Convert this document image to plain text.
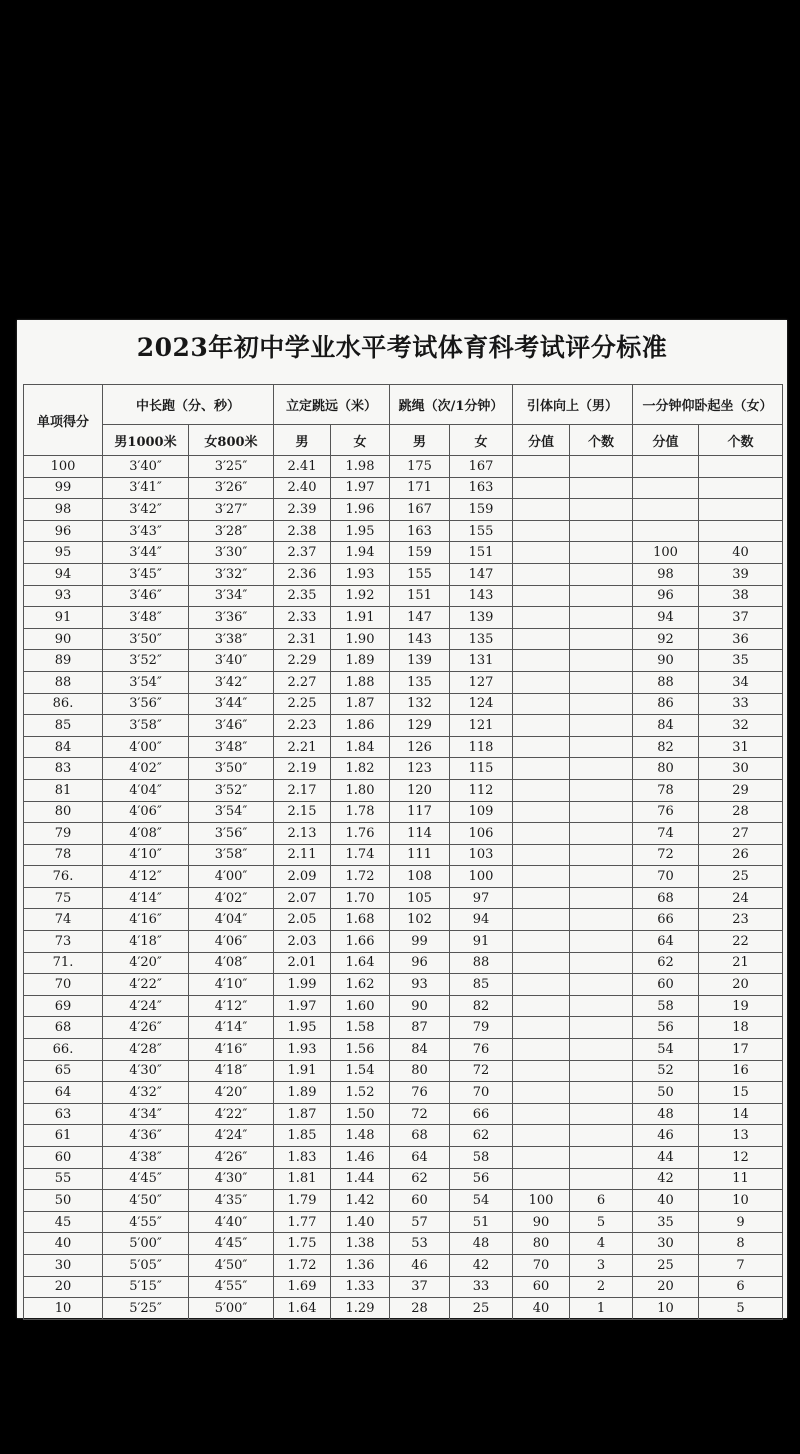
2023年初中学业水平考试体育科考试评分标准
单项得分	中长跑（分、秒）		立定跳远（米）		跳绳（次/1分钟）		引体向上（男）		一分钟仰卧起坐（女）	
	男1000米	女800米	男	女	男	女	分值	个数	分值	个数
100	3′40″	3′25″	2.41	1.98	175	167				
99	3′41″	3′26″	2.40	1.97	171	163				
98	3′42″	3′27″	2.39	1.96	167	159				
96	3′43″	3′28″	2.38	1.95	163	155				
95	3′44″	3′30″	2.37	1.94	159	151			100	40
94	3′45″	3′32″	2.36	1.93	155	147			98	39
93	3′46″	3′34″	2.35	1.92	151	143			96	38
91	3′48″	3′36″	2.33	1.91	147	139			94	37
90	3′50″	3′38″	2.31	1.90	143	135			92	36
89	3′52″	3′40″	2.29	1.89	139	131			90	35
88	3′54″	3′42″	2.27	1.88	135	127			88	34
86.	3′56″	3′44″	2.25	1.87	132	124			86	33
85	3′58″	3′46″	2.23	1.86	129	121			84	32
84	4′00″	3′48″	2.21	1.84	126	118			82	31
83	4′02″	3′50″	2.19	1.82	123	115			80	30
81	4′04″	3′52″	2.17	1.80	120	112			78	29
80	4′06″	3′54″	2.15	1.78	117	109			76	28
79	4′08″	3′56″	2.13	1.76	114	106			74	27
78	4′10″	3′58″	2.11	1.74	111	103			72	26
76.	4′12″	4′00″	2.09	1.72	108	100			70	25
75	4′14″	4′02″	2.07	1.70	105	97			68	24
74	4′16″	4′04″	2.05	1.68	102	94			66	23
73	4′18″	4′06″	2.03	1.66	99	91			64	22
71.	4′20″	4′08″	2.01	1.64	96	88			62	21
70	4′22″	4′10″	1.99	1.62	93	85			60	20
69	4′24″	4′12″	1.97	1.60	90	82			58	19
68	4′26″	4′14″	1.95	1.58	87	79			56	18
66.	4′28″	4′16″	1.93	1.56	84	76			54	17
65	4′30″	4′18″	1.91	1.54	80	72			52	16
64	4′32″	4′20″	1.89	1.52	76	70			50	15
63	4′34″	4′22″	1.87	1.50	72	66			48	14
61	4′36″	4′24″	1.85	1.48	68	62			46	13
60	4′38″	4′26″	1.83	1.46	64	58			44	12
55	4′45″	4′30″	1.81	1.44	62	56			42	11
50	4′50″	4′35″	1.79	1.42	60	54	100	6	40	10
45	4′55″	4′40″	1.77	1.40	57	51	90	5	35	9
40	5′00″	4′45″	1.75	1.38	53	48	80	4	30	8
30	5′05″	4′50″	1.72	1.36	46	42	70	3	25	7
20	5′15″	4′55″	1.69	1.33	37	33	60	2	20	6
10	5′25″	5′00″	1.64	1.29	28	25	40	1	10	5
